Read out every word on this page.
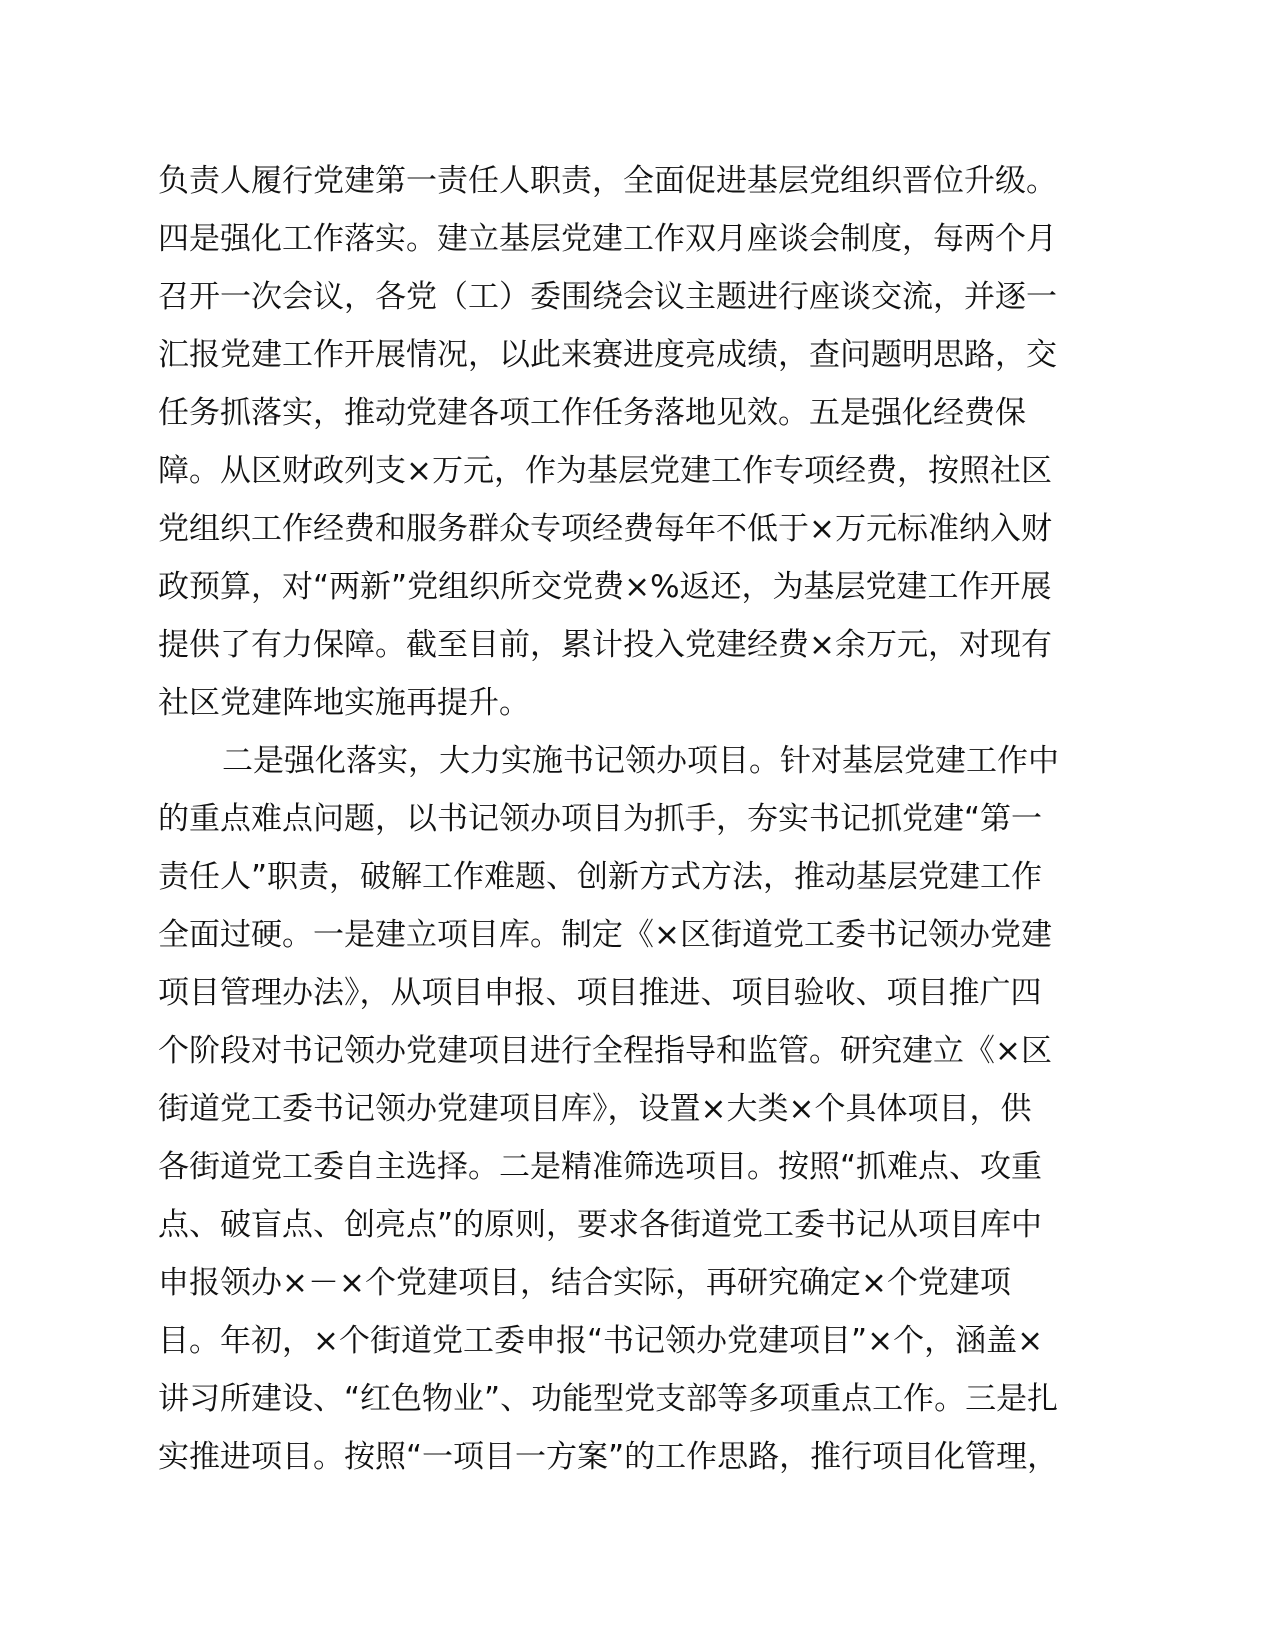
负责人履行党建第一责任人职责，全面促进基层党组织晋位升级。
四是强化工作落实。建立基层党建工作双月座谈会制度，每两个月
召开一次会议，各党（工）委围绕会议主题进行座谈交流，并逐一
汇报党建工作开展情况，以此来赛进度亮成绩，查问题明思路，交
任务抓落实，推动党建各项工作任务落地见效。五是强化经费保
障。从区财政列支×万元，作为基层党建工作专项经费，按照社区
党组织工作经费和服务群众专项经费每年不低于×万元标准纳入财
政预算，对“两新”党组织所交党费×%返还，为基层党建工作开展
提供了有力保障。截至目前，累计投入党建经费×余万元，对现有
社区党建阵地实施再提升。
二是强化落实，大力实施书记领办项目。针对基层党建工作中
的重点难点问题，以书记领办项目为抓手，夯实书记抓党建“第一
责任人”职责，破解工作难题、创新方式方法，推动基层党建工作
全面过硬。一是建立项目库。制定《×区街道党工委书记领办党建
项目管理办法》，从项目申报、项目推进、项目验收、项目推广四
个阶段对书记领办党建项目进行全程指导和监管。研究建立《×区
街道党工委书记领办党建项目库》，设置×大类×个具体项目，供
各街道党工委自主选择。二是精准筛选项目。按照“抓难点、攻重
点、破盲点、创亮点”的原则，要求各街道党工委书记从项目库中
申报领办×－×个党建项目，结合实际，再研究确定×个党建项
目。年初，×个街道党工委申报“书记领办党建项目”×个，涵盖×
讲习所建设、“红色物业”、功能型党支部等多项重点工作。三是扎
实推进项目。按照“一项目一方案”的工作思路，推行项目化管理，
